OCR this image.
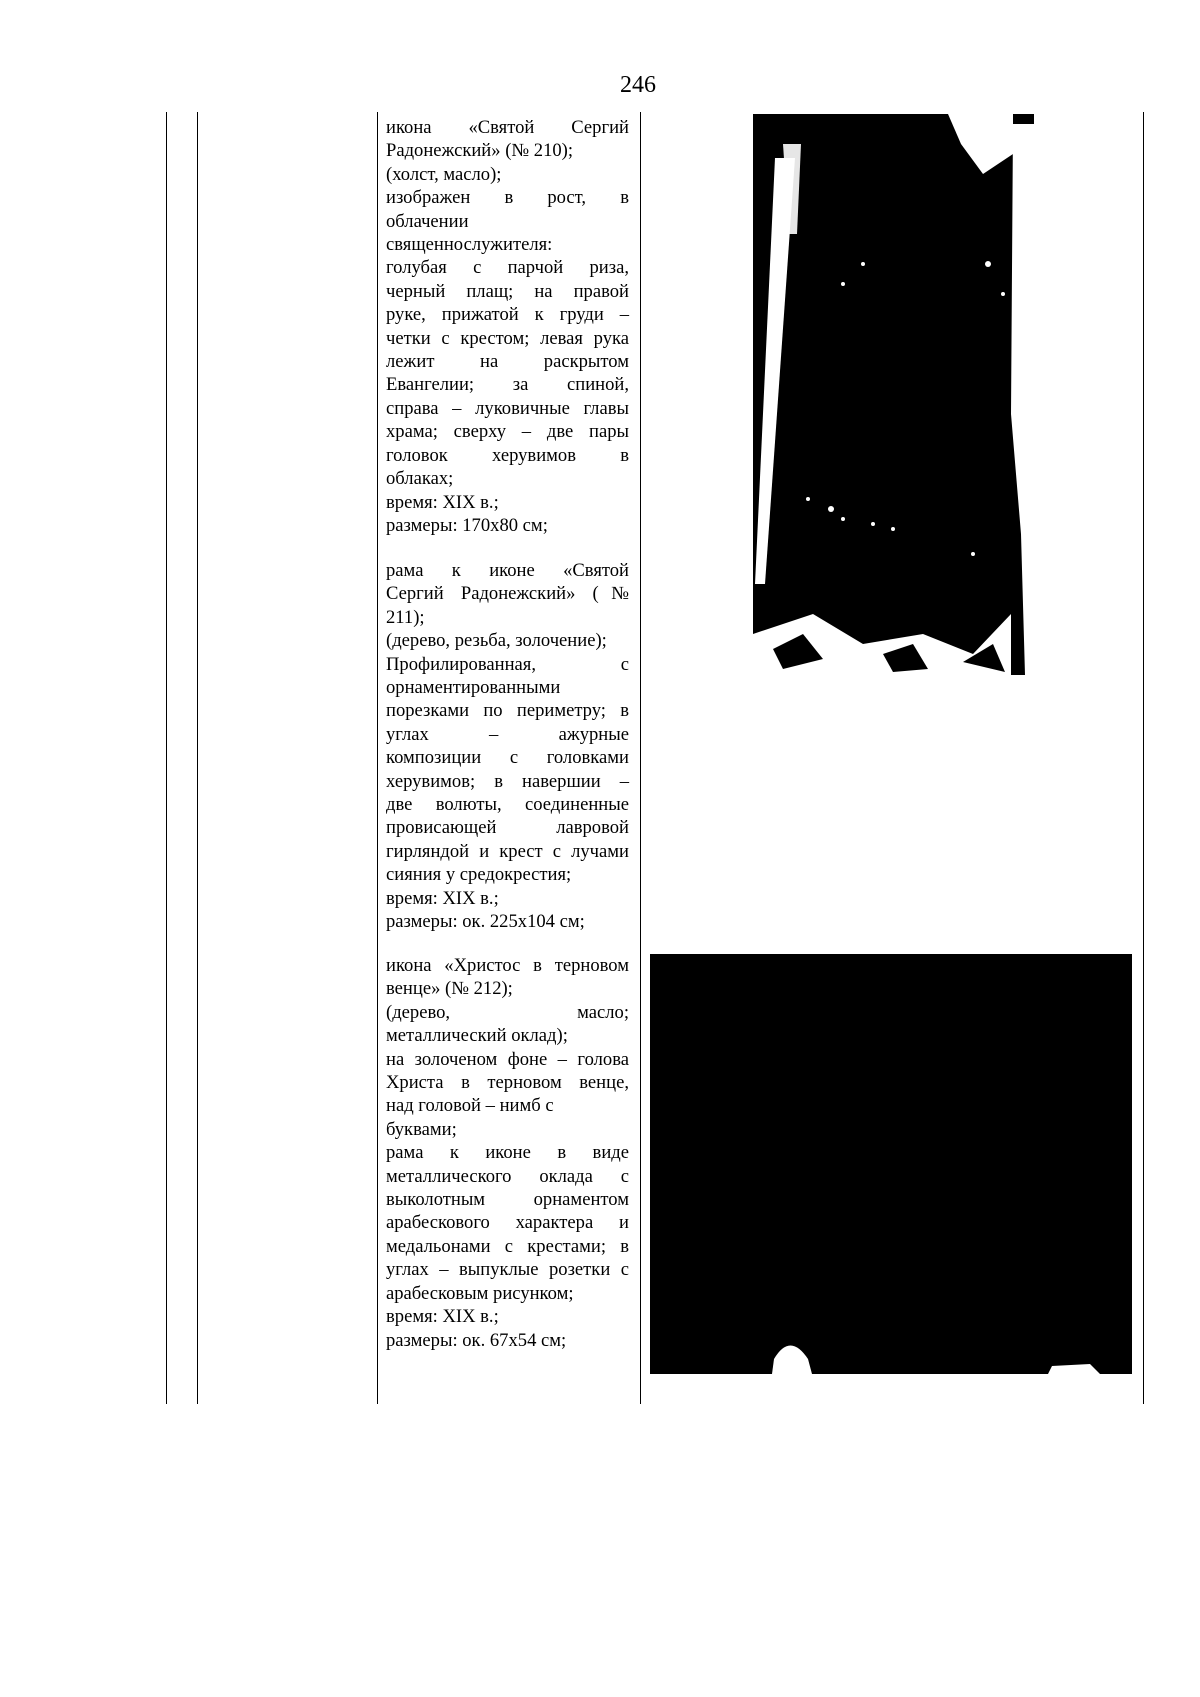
246
икона «Святой Сергий
Радонежский» (№ 210);
(холст, масло);
изображен в рост, в
облачении
священнослужителя:
голубая с парчой риза,
черный плащ; на правой
руке, прижатой к груди –
четки с крестом; левая рука
лежит на раскрытом
Евангелии; за спиной,
справа – луковичные главы
храма; сверху – две пары
головок херувимов в
облаках;
время: XIX в.;
размеры: 170х80 см;
рама к иконе «Святой
Сергий Радонежский» (№
211);
(дерево, резьба, золочение);
Профилированная, с
орнаментированными
порезками по периметру; в
углах – ажурные
композиции с головками
херувимов; в навершии –
две волюты, соединенные
провисающей лавровой
гирляндой и крест с лучами
сияния у средокрестия;
время: XIX в.;
размеры: ок. 225х104 см;
икона «Христос в терновом
венце» (№ 212);
(дерево, масло;
металлический оклад);
на золоченом фоне – голова
Христа в терновом венце,
над головой – нимб с
буквами;
рама к иконе в виде
металлического оклада с
выколотным орнаментом
арабескового характера и
медальонами с крестами; в
углах – выпуклые розетки с
арабесковым рисунком;
время: XIX в.;
размеры: ок. 67х54 см;
